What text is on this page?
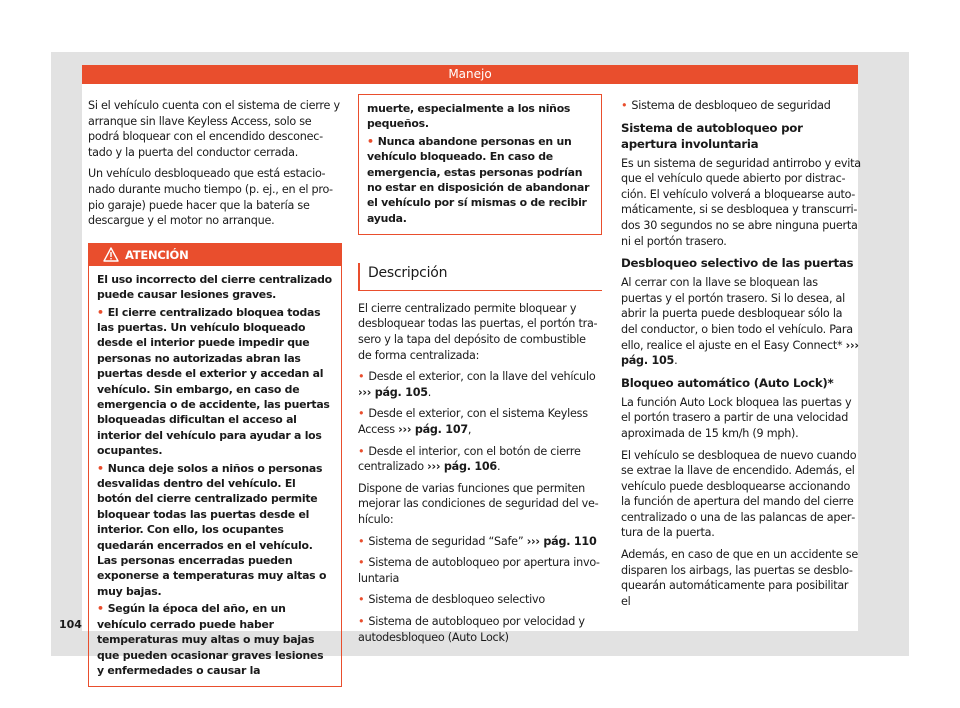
Manejo

Si el vehículo cuenta con el sistema de cierre y arranque sin llave Keyless Access, solo se podrá bloquear con el encendido desconectado y la puerta del conductor cerrada.

Un vehículo desbloqueado que está estacionado durante mucho tiempo (p. ej., en el propio garaje) puede hacer que la batería se descargue y el motor no arranque.

ATENCIÓN

El uso incorrecto del cierre centralizado puede causar lesiones graves.

• El cierre centralizado bloquea todas las puertas. Un vehículo bloqueado desde el interior puede impedir que personas no autorizadas abran las puertas desde el exterior y accedan al vehículo. Sin embargo, en caso de emergencia o de accidente, las puertas bloqueadas dificultan el acceso al interior del vehículo para ayudar a los ocupantes.

• Nunca deje solos a niños o personas desvalidas dentro del vehículo. El botón del cierre centralizado permite bloquear todas las puertas desde el interior. Con ello, los ocupantes quedarán encerrados en el vehículo. Las personas encerradas pueden exponerse a temperaturas muy altas o muy bajas.

• Según la época del año, en un vehículo cerrado puede haber temperaturas muy altas o muy bajas que pueden ocasionar graves lesiones y enfermedades o causar la

muerte, especialmente a los niños pequeños.

• Nunca abandone personas en un vehículo bloqueado. En caso de emergencia, estas personas podrían no estar en disposición de abandonar el vehículo por sí mismas o de recibir ayuda.

Descripción

El cierre centralizado permite bloquear y desbloquear todas las puertas, el portón trasero y la tapa del depósito de combustible de forma centralizada:

• Desde el exterior, con la llave del vehículo ››› pág. 105.

• Desde el exterior, con el sistema Keyless Access ››› pág. 107,

• Desde el interior, con el botón de cierre centralizado ››› pág. 106.

Dispone de varias funciones que permiten mejorar las condiciones de seguridad del vehículo:

• Sistema de seguridad “Safe” ››› pág. 110

• Sistema de autobloqueo por apertura involuntaria

• Sistema de desbloqueo selectivo

• Sistema de autobloqueo por velocidad y autodesbloqueo (Auto Lock)

• Sistema de desbloqueo de seguridad

Sistema de autobloqueo por apertura involuntaria

Es un sistema de seguridad antirrobo y evita que el vehículo quede abierto por distracción. El vehículo volverá a bloquearse automáticamente, si se desbloquea y transcurridos 30 segundos no se abre ninguna puerta ni el portón trasero.

Desbloqueo selectivo de las puertas

Al cerrar con la llave se bloquean las puertas y el portón trasero. Si lo desea, al abrir la puerta puede desbloquear sólo la del conductor, o bien todo el vehículo. Para ello, realice el ajuste en el Easy Connect* ››› pág. 105.

Bloqueo automático (Auto Lock)*

La función Auto Lock bloquea las puertas y el portón trasero a partir de una velocidad aproximada de 15 km/h (9 mph).

El vehículo se desbloquea de nuevo cuando se extrae la llave de encendido. Además, el vehículo puede desbloquearse accionando la función de apertura del mando del cierre centralizado o una de las palancas de apertura de la puerta.

Además, en caso de que en un accidente se disparen los airbags, las puertas se desbloquearán automáticamente para posibilitar el

104
